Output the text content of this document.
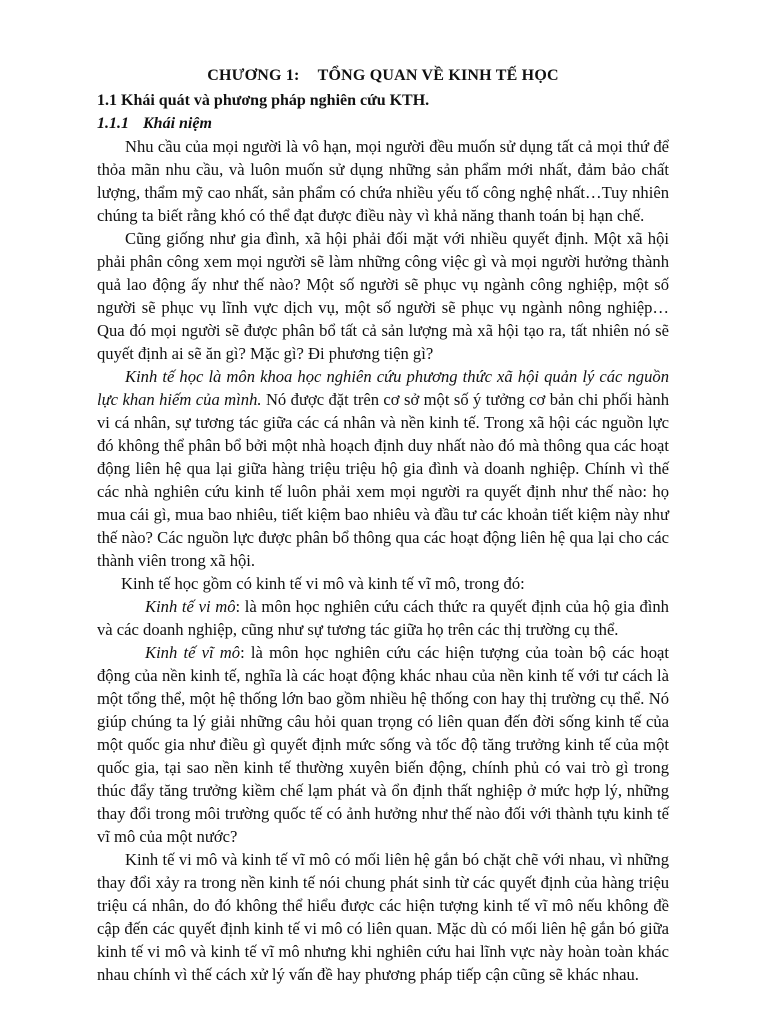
CHƯƠNG 1: TỔNG QUAN VỀ KINH TẾ HỌC
1.1 Khái quát và phương pháp nghiên cứu KTH.
1.1.1 Khái niệm

Nhu cầu của mọi người là vô hạn, mọi người đều muốn sử dụng tất cả mọi thứ để thỏa mãn nhu cầu, và luôn muốn sử dụng những sản phẩm mới nhất, đảm bảo chất lượng, thẩm mỹ cao nhất, sản phẩm có chứa nhiều yếu tố công nghệ nhất…Tuy nhiên chúng ta biết rằng khó có thể đạt được điều này vì khả năng thanh toán bị hạn chế.

Cũng giống như gia đình, xã hội phải đối mặt với nhiều quyết định. Một xã hội phải phân công xem mọi người sẽ làm những công việc gì và mọi người hưởng thành quả lao động ấy như thế nào? Một số người sẽ phục vụ ngành công nghiệp, một số người sẽ phục vụ lĩnh vực dịch vụ, một số người sẽ phục vụ ngành nông nghiệp…Qua đó mọi người sẽ được phân bổ tất cả sản lượng mà xã hội tạo ra, tất nhiên nó sẽ quyết định ai sẽ ăn gì? Mặc gì? Đi phương tiện gì?

Kinh tế học là môn khoa học nghiên cứu phương thức xã hội quản lý các nguồn lực khan hiếm của mình. Nó được đặt trên cơ sở một số ý tưởng cơ bản chi phối hành vi cá nhân, sự tương tác giữa các cá nhân và nền kinh tế. Trong xã hội các nguồn lực đó không thể phân bổ bởi một nhà hoạch định duy nhất nào đó mà thông qua các hoạt động liên hệ qua lại giữa hàng triệu triệu hộ gia đình và doanh nghiệp. Chính vì thế các nhà nghiên cứu kinh tế luôn phải xem mọi người ra quyết định như thế nào: họ mua cái gì, mua bao nhiêu, tiết kiệm bao nhiêu và đầu tư các khoản tiết kiệm này như thế nào? Các nguồn lực được phân bổ thông qua các hoạt động liên hệ qua lại cho các thành viên trong xã hội.

Kinh tế học gồm có kinh tế vi mô và kinh tế vĩ mô, trong đó:

Kinh tế vi mô: là môn học nghiên cứu cách thức ra quyết định của hộ gia đình và các doanh nghiệp, cũng như sự tương tác giữa họ trên các thị trường cụ thể.

Kinh tế vĩ mô: là môn học nghiên cứu các hiện tượng của toàn bộ các hoạt động của nền kinh tế, nghĩa là các hoạt động khác nhau của nền kinh tế với tư cách là một tổng thể, một hệ thống lớn bao gồm nhiều hệ thống con hay thị trường cụ thể. Nó giúp chúng ta lý giải những câu hỏi quan trọng có liên quan đến đời sống kinh tế của một quốc gia như điều gì quyết định mức sống và tốc độ tăng trưởng kinh tế của một quốc gia, tại sao nền kinh tế thường xuyên biến động, chính phủ có vai trò gì trong thúc đẩy tăng trưởng kiềm chế lạm phát và ổn định thất nghiệp ở mức hợp lý, những thay đổi trong môi trường quốc tế có ảnh hưởng như thế nào đối với thành tựu kinh tế vĩ mô của một nước?

Kinh tế vi mô và kinh tế vĩ mô có mối liên hệ gắn bó chặt chẽ với nhau, vì những thay đổi xảy ra trong nền kinh tế nói chung phát sinh từ các quyết định của hàng triệu triệu cá nhân, do đó không thể hiểu được các hiện tượng kinh tế vĩ mô nếu không đề cập đến các quyết định kinh tế vi mô có liên quan. Mặc dù có mối liên hệ gắn bó giữa kinh tế vi mô và kinh tế vĩ mô nhưng khi nghiên cứu hai lĩnh vực này hoàn toàn khác nhau chính vì thế cách xử lý vấn đề hay phương pháp tiếp cận cũng sẽ khác nhau.
